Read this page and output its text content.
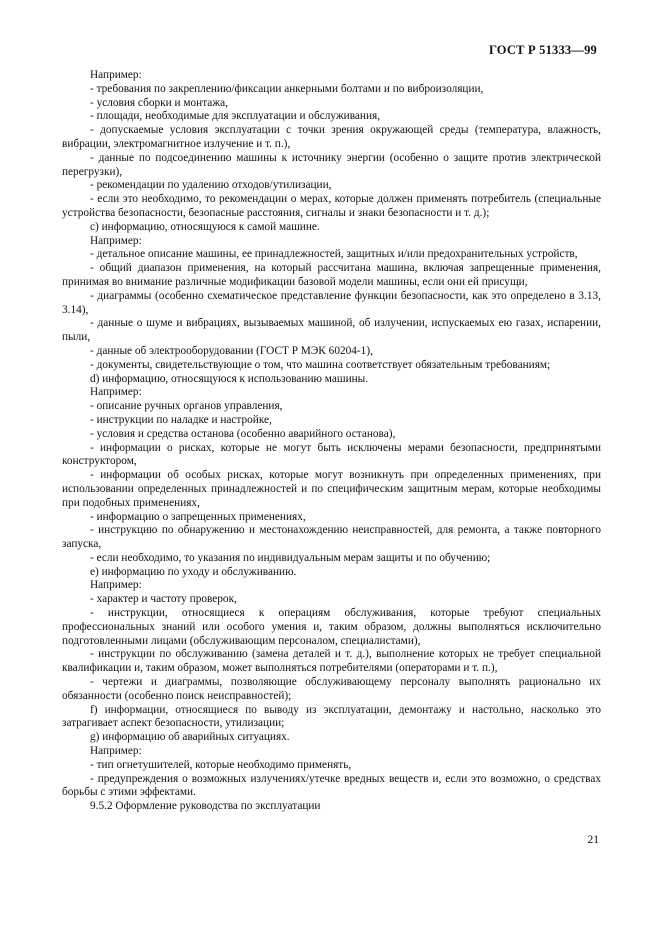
ГОСТ Р 51333—99

Например:

- требования по закреплению/фиксации анкерными болтами и по виброизоляции,

- условия сборки и монтажа,

- площади, необходимые для эксплуатации и обслуживания,

- допускаемые условия эксплуатации с точки зрения окружающей среды (температура, влажность, вибрации, электромагнитное излучение и т. п.),

- данные по подсоединению машины к источнику энергии (особенно о защите против электрической перегрузки),

- рекомендации по удалению отходов/утилизации,

- если это необходимо, то рекомендации о мерах, которые должен применять потребитель (специальные устройства безопасности, безопасные расстояния, сигналы и знаки безопасности и т. д.);

c) информацию, относящуюся к самой машине.

Например:

- детальное описание машины, ее принадлежностей, защитных и/или предохранительных устройств,

- общий диапазон применения, на который рассчитана машина, включая запрещенные применения, принимая во внимание различные модификации базовой модели машины, если они ей присущи,

- диаграммы (особенно схематическое представление функции безопасности, как это определено в 3.13, 3.14),

- данные о шуме и вибрациях, вызываемых машиной, об излучении, испускаемых ею газах, испарении, пыли,

- данные об электрооборудовании (ГОСТ Р МЭК 60204-1),

- документы, свидетельствующие о том, что машина соответствует обязательным требованиям;

d) информацию, относящуюся к использованию машины.

Например:

- описание ручных органов управления,

- инструкции по наладке и настройке,

- условия и средства останова (особенно аварийного останова),

- информации о рисках, которые не могут быть исключены мерами безопасности, предпринятыми конструктором,

- информации об особых рисках, которые могут возникнуть при определенных применениях, при использовании определенных принадлежностей и по специфическим защитным мерам, которые необходимы при подобных применениях,

- информацию о запрещенных применениях,

- инструкцию по обнаружению и местонахождению неисправностей, для ремонта, а также повторного запуска,

- если необходимо, то указания по индивидуальным мерам защиты и по обучению;

e) информацию по уходу и обслуживанию.

Например:

- характер и частоту проверок,

- инструкции, относящиеся к операциям обслуживания, которые требуют специальных профессиональных знаний или особого умения и, таким образом, должны выполняться исключительно подготовленными лицами (обслуживающим персоналом, специалистами),

- инструкции по обслуживанию (замена деталей и т. д.), выполнение которых не требует специальной квалификации и, таким образом, может выполняться потребителями (операторами и т. п.),

- чертежи и диаграммы, позволяющие обслуживающему персоналу выполнять рационально их обязанности (особенно поиск неисправностей);

f) информации, относящиеся по выводу из эксплуатации, демонтажу и настольно, насколько это затрагивает аспект безопасности, утилизации;

g) информацию об аварийных ситуациях.

Например:

- тип огнетушителей, которые необходимо применять,

- предупреждения о возможных излучениях/утечке вредных веществ и, если это возможно, о средствах борьбы с этими эффектами.

9.5.2 Оформление руководства по эксплуатации

21
